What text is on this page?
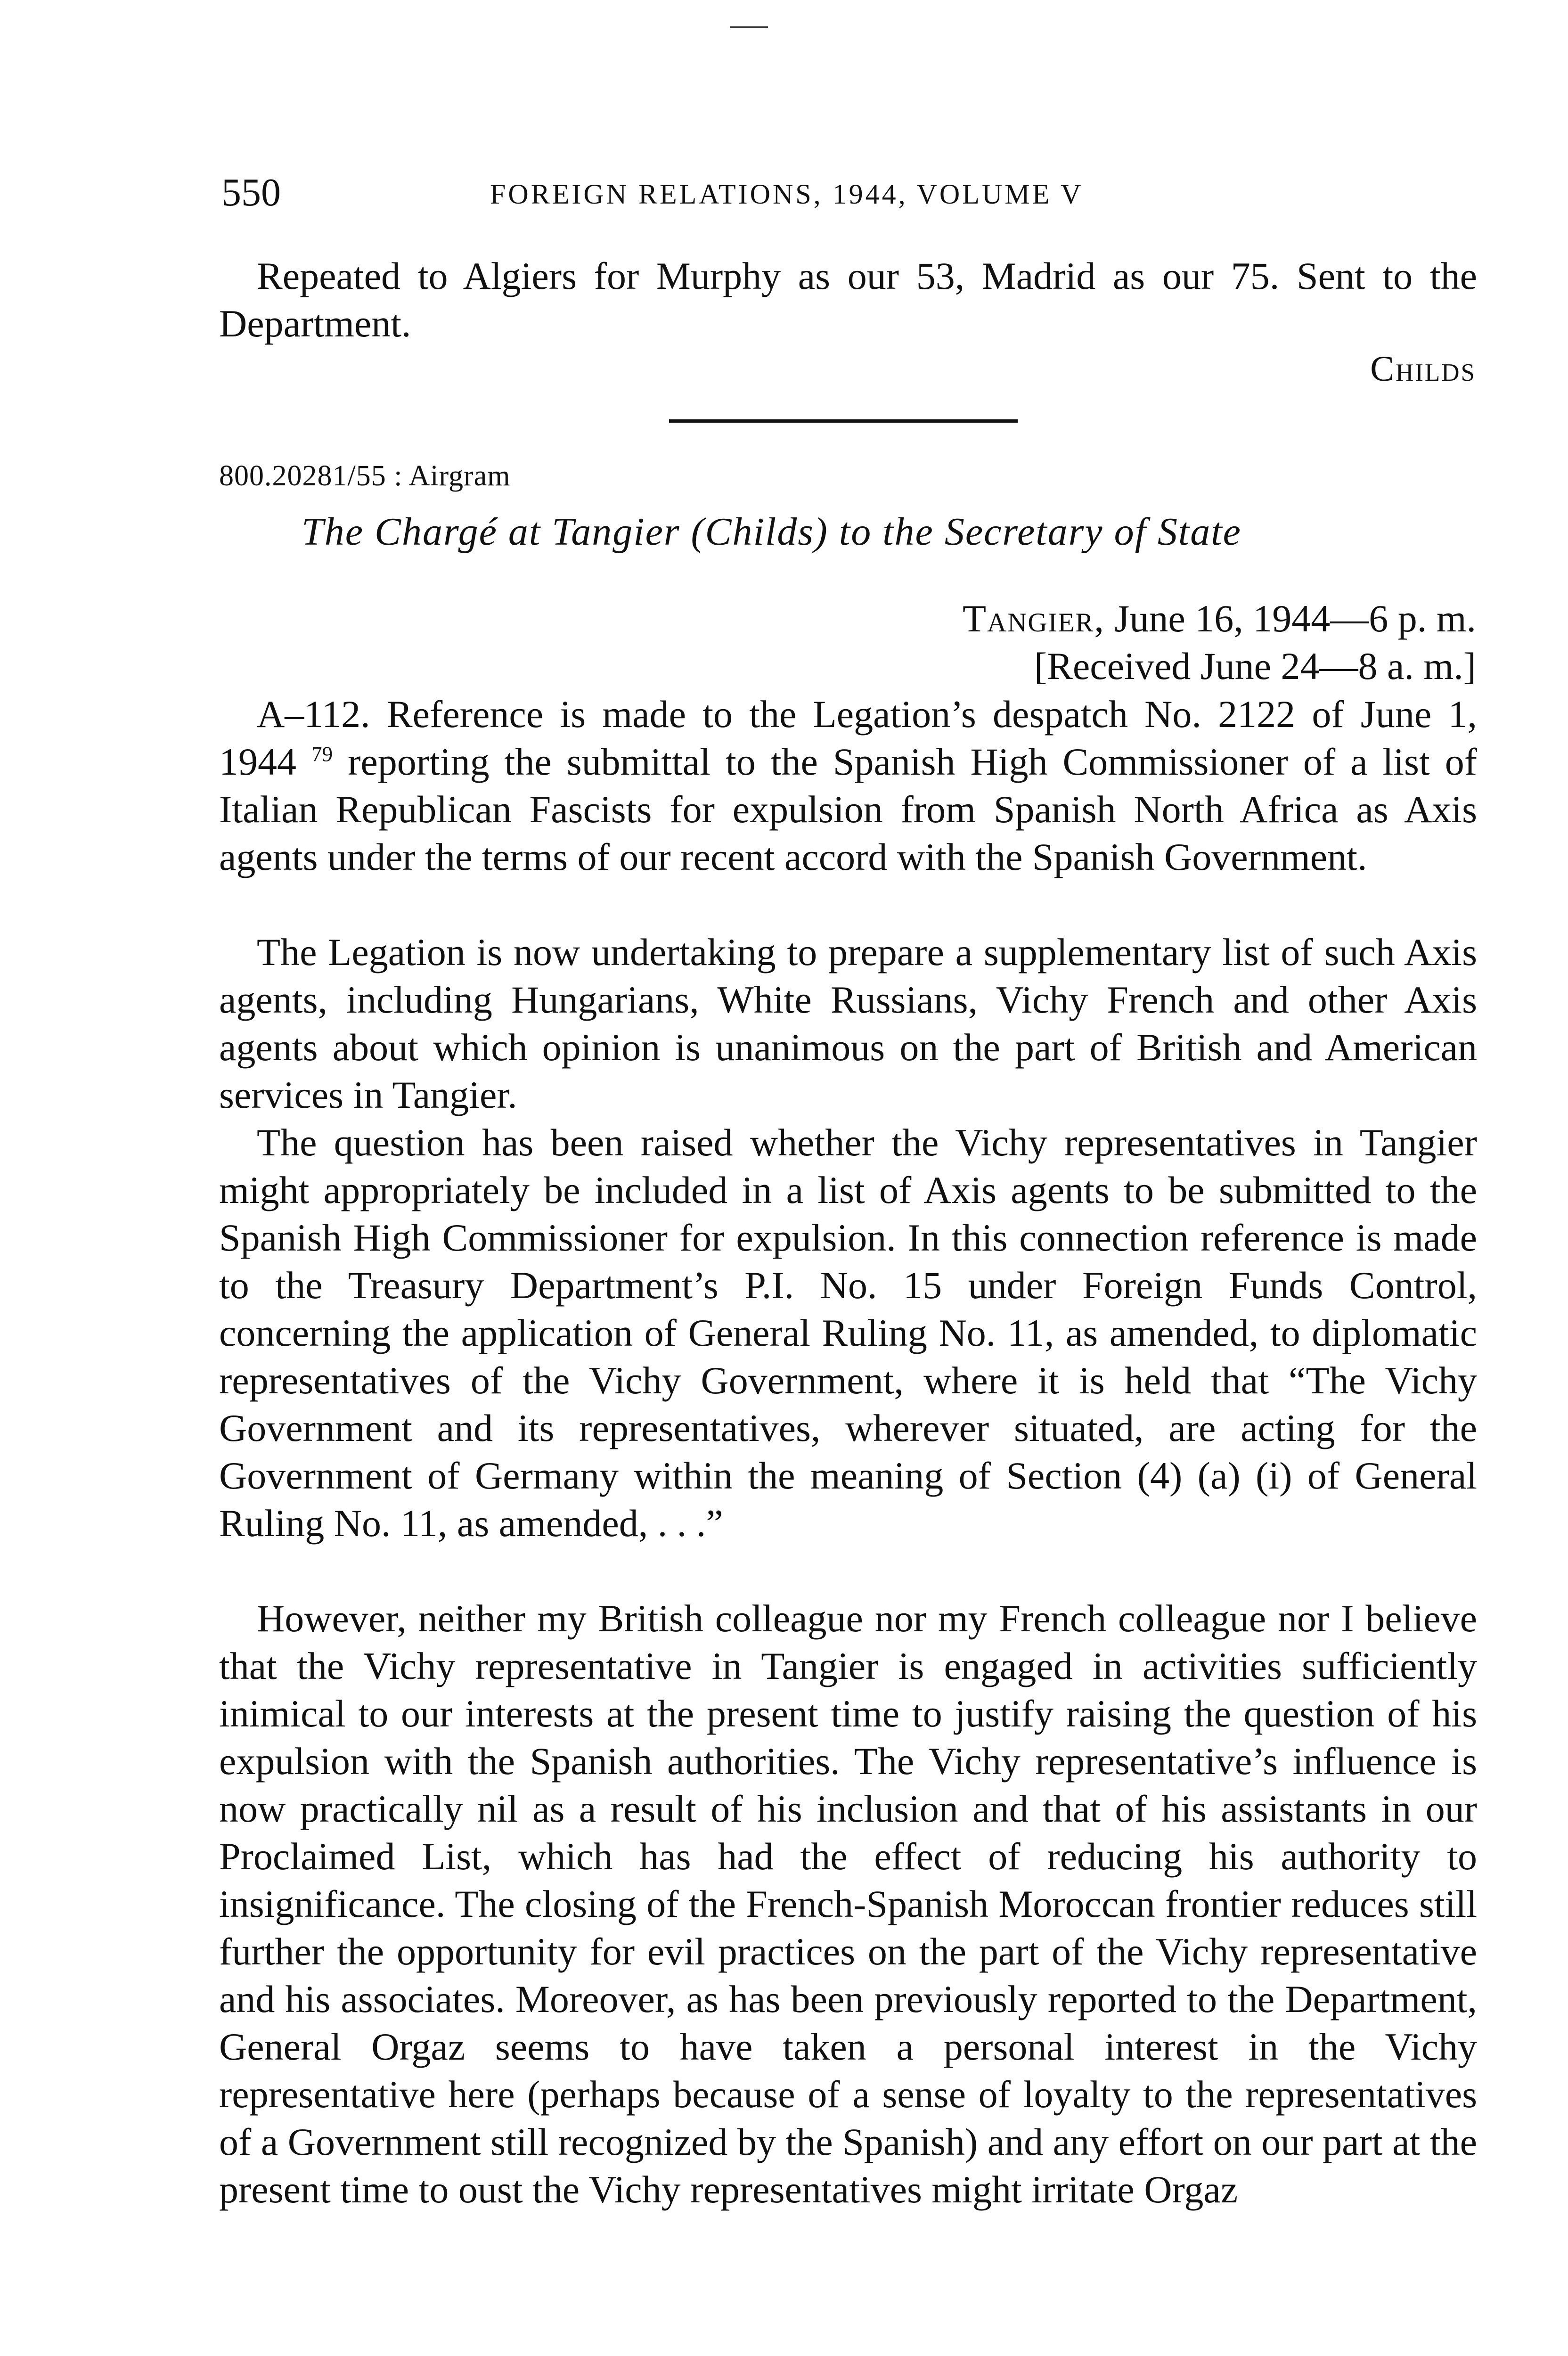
550	FOREIGN RELATIONS, 1944, VOLUME V

Repeated to Algiers for Murphy as our 53, Madrid as our 75. Sent to the Department.

Childs
800.20281/55 : Airgram
The Chargé at Tangier (Childs) to the Secretary of State
Tangier, June 16, 1944—6 p. m.
[Received June 24—8 a. m.]

A–112. Reference is made to the Legation’s despatch No. 2122 of June 1, 1944 $^{79}$ reporting the submittal to the Spanish High Commissioner of a list of Italian Republican Fascists for expulsion from Spanish North Africa as Axis agents under the terms of our recent accord with the Spanish Government.

The Legation is now undertaking to prepare a supplementary list of such Axis agents, including Hungarians, White Russians, Vichy French and other Axis agents about which opinion is unanimous on the part of British and American services in Tangier.

The question has been raised whether the Vichy representatives in Tangier might appropriately be included in a list of Axis agents to be submitted to the Spanish High Commissioner for expulsion. In this connection reference is made to the Treasury Department’s P.I. No. 15 under Foreign Funds Control, concerning the application of General Ruling No. 11, as amended, to diplomatic representatives of the Vichy Government, where it is held that “The Vichy Government and its representatives, wherever situated, are acting for the Government of Germany within the meaning of Section (4) (a) (i) of General Ruling No. 11, as amended, . . .”

However, neither my British colleague nor my French colleague nor I believe that the Vichy representative in Tangier is engaged in activities sufficiently inimical to our interests at the present time to justify raising the question of his expulsion with the Spanish authorities. The Vichy representative’s influence is now practically nil as a result of his inclusion and that of his assistants in our Proclaimed List, which has had the effect of reducing his authority to insignificance. The closing of the French-Spanish Moroccan frontier reduces still further the opportunity for evil practices on the part of the Vichy representative and his associates. Moreover, as has been previously reported to the Department, General Orgaz seems to have taken a personal interest in the Vichy representative here (perhaps because of a sense of loyalty to the representatives of a Government still recognized by the Spanish) and any effort on our part at the present time to oust the Vichy representatives might irritate Orgaz
